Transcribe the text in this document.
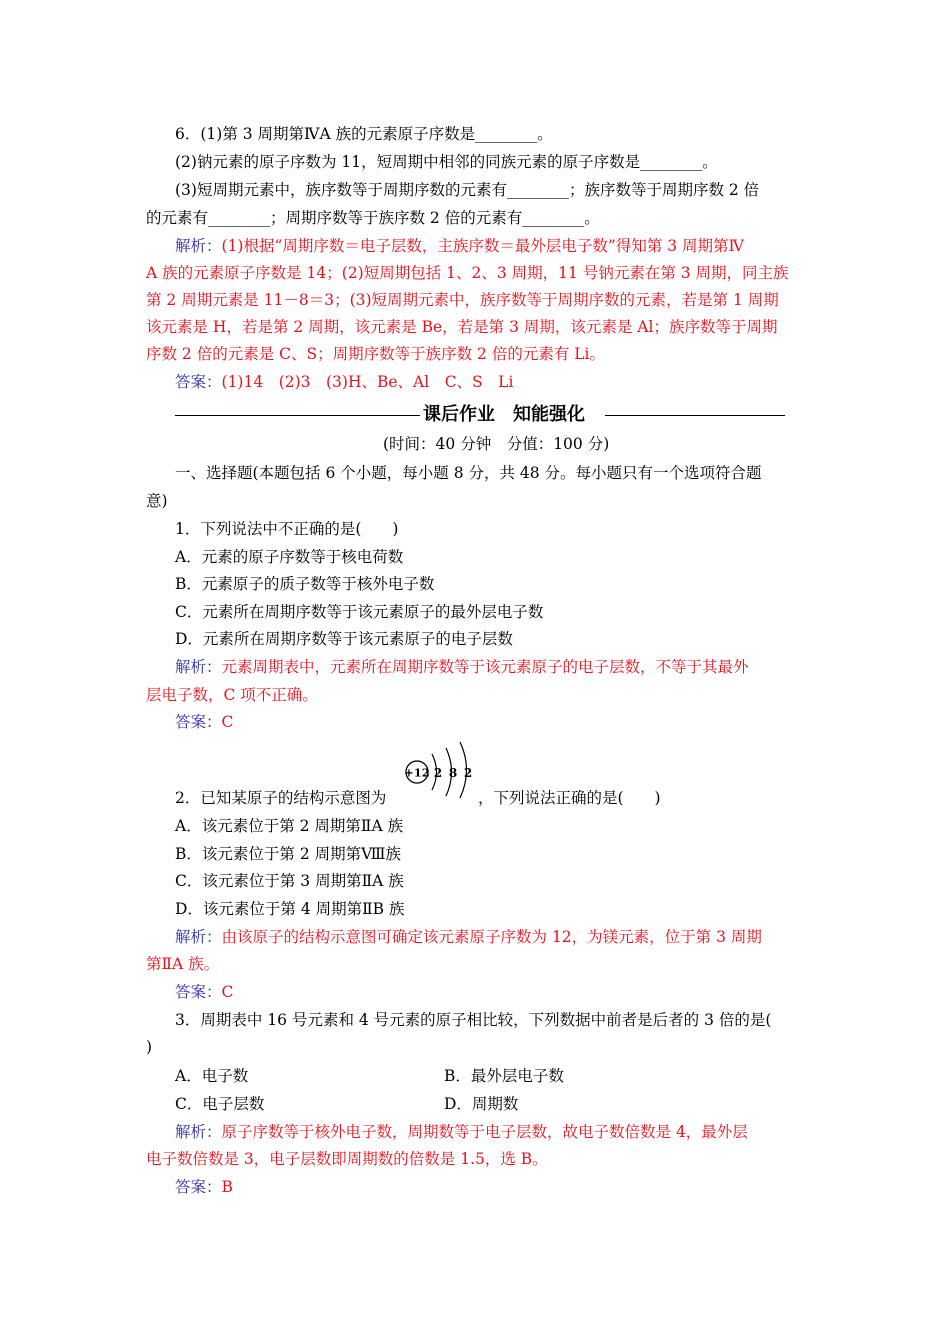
6．(1)第 3 周期第ⅣA 族的元素原子序数是________。
(2)钠元素的原子序数为 11，短周期中相邻的同族元素的原子序数是________。
(3)短周期元素中，族序数等于周期序数的元素有________；族序数等于周期序数 2 倍
的元素有________；周期序数等于族序数 2 倍的元素有________。
解析：(1)根据“周期序数＝电子层数，主族序数＝最外层电子数”得知第 3 周期第Ⅳ
A 族的元素原子序数是 14；(2)短周期包括 1、2、3 周期，11 号钠元素在第 3 周期，同主族
第 2 周期元素是 11－8＝3；(3)短周期元素中，族序数等于周期序数的元素，若是第 1 周期
该元素是 H，若是第 2 周期，该元素是 Be，若是第 3 周期，该元素是 Al；族序数等于周期
序数 2 倍的元素是 C、S；周期序数等于族序数 2 倍的元素有 Li。
答案：(1)14　(2)3　(3)H、Be、Al　C、S　Li
课后作业　知能强化
(时间：40 分钟　分值：100 分)
一、选择题(本题包括 6 个小题，每小题 8 分，共 48 分。每小题只有一个选项符合题
意)
1．下列说法中不正确的是(　　)
A．元素的原子序数等于核电荷数
B．元素原子的质子数等于核外电子数
C．元素所在周期序数等于该元素原子的最外层电子数
D．元素所在周期序数等于该元素原子的电子层数
解析：元素周期表中，元素所在周期序数等于该元素原子的电子层数，不等于其最外
层电子数，C 项不正确。
答案：C
+12 2 8 2
2．已知某原子的结构示意图为	，下列说法正确的是(　　)
A．该元素位于第 2 周期第ⅡA 族
B．该元素位于第 2 周期第Ⅷ族
C．该元素位于第 3 周期第ⅡA 族
D．该元素位于第 4 周期第ⅡB 族
解析：由该原子的结构示意图可确定该元素原子序数为 12，为镁元素，位于第 3 周期
第ⅡA 族。
答案：C
3．周期表中 16 号元素和 4 号元素的原子相比较，下列数据中前者是后者的 3 倍的是(
)
A．电子数	B．最外层电子数
C．电子层数	D．周期数
解析：原子序数等于核外电子数，周期数等于电子层数，故电子数倍数是 4，最外层
电子数倍数是 3，电子层数即周期数的倍数是 1.5，选 B。
答案：B
